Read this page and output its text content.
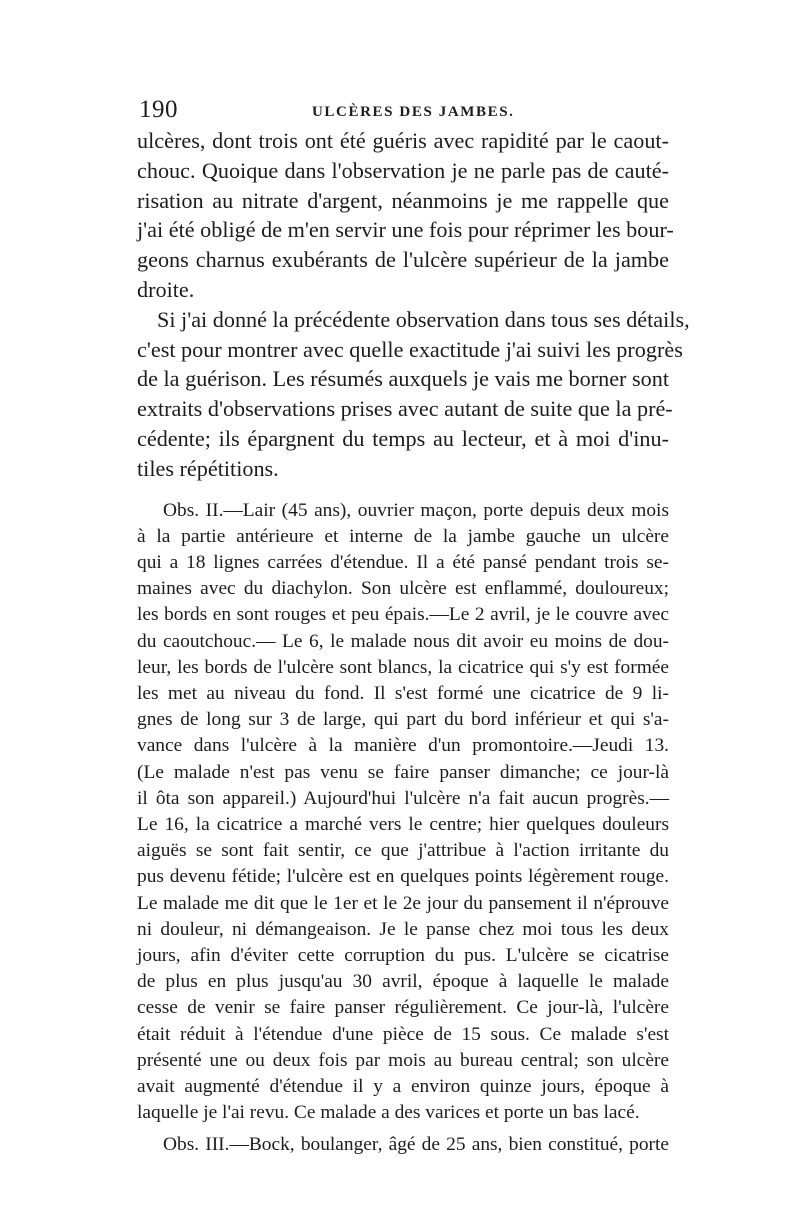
190	ULCÈRES DES JAMBES.

ulcères, dont trois ont été guéris avec rapidité par le caout-
chouc. Quoique dans l'observation je ne parle pas de cauté-
risation au nitrate d'argent, néanmoins je me rappelle que
j'ai été obligé de m'en servir une fois pour réprimer les bour-
geons charnus exubérants de l'ulcère supérieur de la jambe
droite.

Si j'ai donné la précédente observation dans tous ses détails,
c'est pour montrer avec quelle exactitude j'ai suivi les progrès
de la guérison. Les résumés auxquels je vais me borner sont
extraits d'observations prises avec autant de suite que la pré-
cédente; ils épargnent du temps au lecteur, et à moi d'inu-
tiles répétitions.

Obs. II.—Lair (45 ans), ouvrier maçon, porte depuis deux mois
à la partie antérieure et interne de la jambe gauche un ulcère
qui a 18 lignes carrées d'étendue. Il a été pansé pendant trois se-
maines avec du diachylon. Son ulcère est enflammé, douloureux;
les bords en sont rouges et peu épais.—Le 2 avril, je le couvre avec
du caoutchouc.— Le 6, le malade nous dit avoir eu moins de dou-
leur, les bords de l'ulcère sont blancs, la cicatrice qui s'y est formée
les met au niveau du fond. Il s'est formé une cicatrice de 9 li-
gnes de long sur 3 de large, qui part du bord inférieur et qui s'a-
vance dans l'ulcère à la manière d'un promontoire.—Jeudi 13.
(Le malade n'est pas venu se faire panser dimanche; ce jour-là
il ôta son appareil.) Aujourd'hui l'ulcère n'a fait aucun progrès.—
Le 16, la cicatrice a marché vers le centre; hier quelques douleurs
aiguës se sont fait sentir, ce que j'attribue à l'action irritante du
pus devenu fétide; l'ulcère est en quelques points légèrement rouge.
Le malade me dit que le 1er et le 2e jour du pansement il n'éprouve
ni douleur, ni démangeaison. Je le panse chez moi tous les deux
jours, afin d'éviter cette corruption du pus. L'ulcère se cicatrise
de plus en plus jusqu'au 30 avril, époque à laquelle le malade
cesse de venir se faire panser régulièrement. Ce jour-là, l'ulcère
était réduit à l'étendue d'une pièce de 15 sous. Ce malade s'est
présenté une ou deux fois par mois au bureau central; son ulcère
avait augmenté d'étendue il y a environ quinze jours, époque à
laquelle je l'ai revu. Ce malade a des varices et porte un bas lacé.

Obs. III.—Bock, boulanger, âgé de 25 ans, bien constitué, porte
